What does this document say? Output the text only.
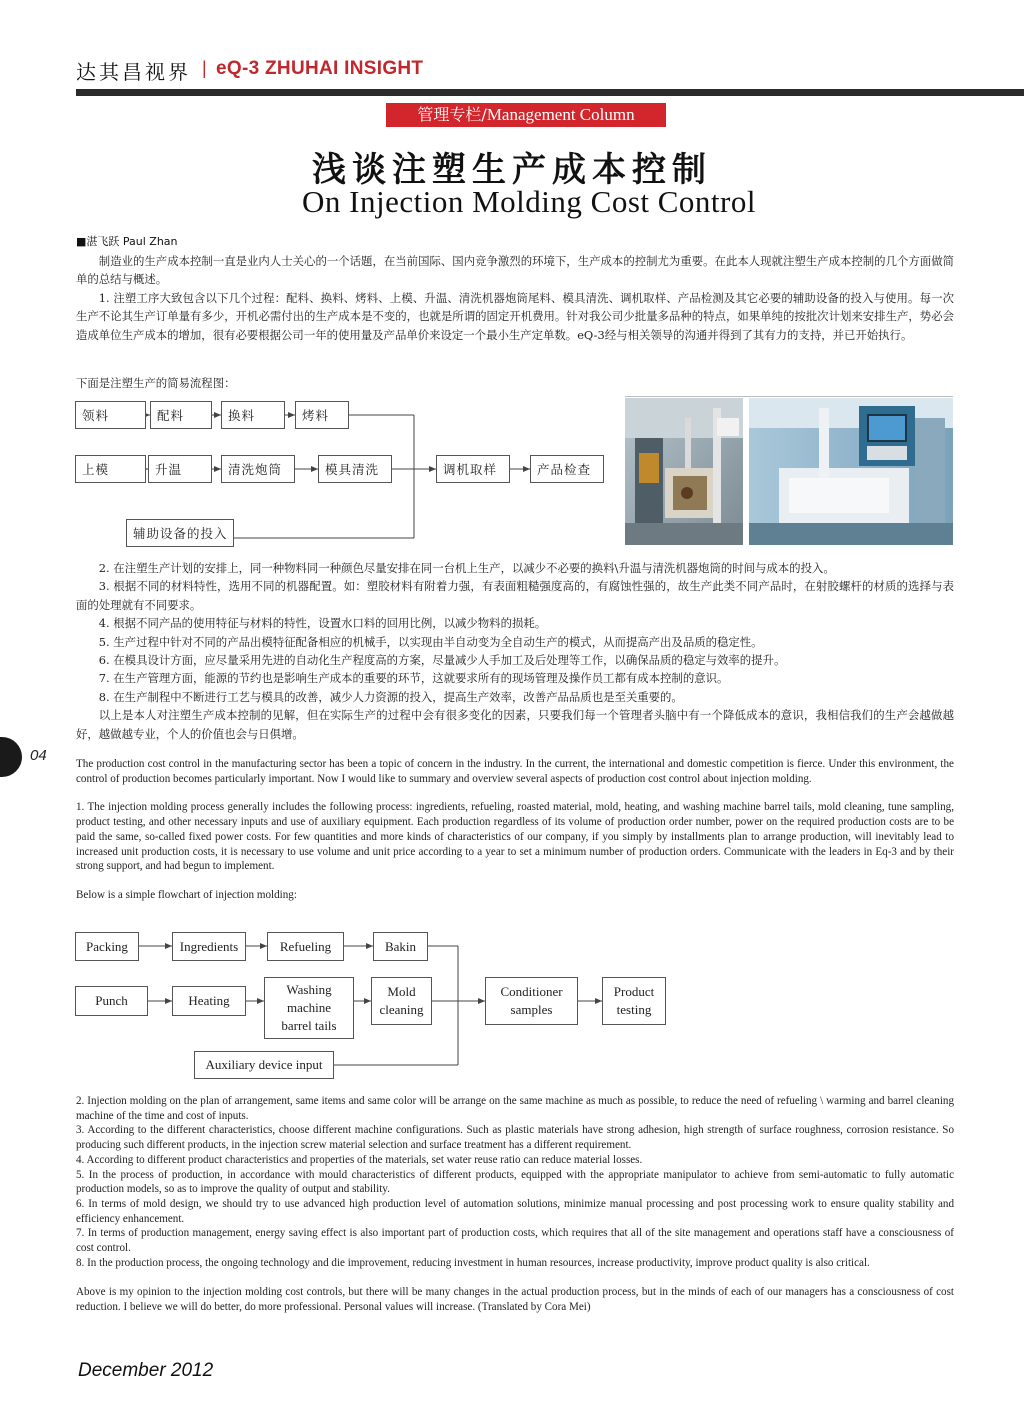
达其昌视界 | eQ-3 ZHUHAI INSIGHT
管理专栏/Management Column
浅谈注塑生产成本控制
On Injection Molding Cost Control
■湛飞跃 Paul Zhan

制造业的生产成本控制一直是业内人士关心的一个话题，在当前国际、国内竞争激烈的环境下，生产成本的控制尤为重要。在此本人现就注塑生产成本控制的几个方面做简单的总结与概述。

1. 注塑工序大致包含以下几个过程：配料、换料、烤料、上模、升温、清洗机器炮筒尾料、模具清洗、调机取样、产品检测及其它必要的辅助设备的投入与使用。每一次生产不论其生产订单量有多少，开机必需付出的生产成本是不变的，也就是所谓的固定开机费用。针对我公司少批量多品种的特点，如果单纯的按批次计划来安排生产，势必会造成单位生产成本的增加，很有必要根据公司一年的使用量及产品单价来设定一个最小生产定单数。eQ-3经与相关领导的沟通并得到了其有力的支持，并已开始执行。

下面是注塑生产的简易流程图：

领料	配料	换料	烤料
上模	升温	清洗炮筒	模具清洗	调机取样	产品检查
辅助设备的投入

2. 在注塑生产计划的安排上，同一种物料同一种颜色尽量安排在同一台机上生产，以减少不必要的换料\升温与清洗机器炮筒的时间与成本的投入。

3. 根据不同的材料特性，选用不同的机器配置。如：塑胶材料有附着力强，有表面粗糙强度高的，有腐蚀性强的，故生产此类不同产品时，在射胶螺杆的材质的选择与表面的处理就有不同要求。

4. 根据不同产品的使用特征与材料的特性，设置水口料的回用比例，以减少物料的损耗。

5. 生产过程中针对不同的产品出模特征配备相应的机械手，以实现由半自动变为全自动生产的模式，从而提高产出及品质的稳定性。

6. 在模具设计方面，应尽量采用先进的自动化生产程度高的方案，尽量减少人手加工及后处理等工作，以确保品质的稳定与效率的提升。

7. 在生产管理方面，能源的节约也是影响生产成本的重要的环节，这就要求所有的现场管理及操作员工都有成本控制的意识。

8. 在生产制程中不断进行工艺与模具的改善，减少人力资源的投入，提高生产效率，改善产品品质也是至关重要的。

以上是本人对注塑生产成本控制的见解，但在实际生产的过程中会有很多变化的因素，只要我们每一个管理者头脑中有一个降低成本的意识，我相信我们的生产会越做越好，越做越专业，个人的价值也会与日俱增。

04	The production cost control in the manufacturing sector has been a topic of concern in the industry. In the current, the international and domestic competition is fierce. Under this environment, the control of production becomes particularly important. Now I would like to summary and overview several aspects of production cost control about injection molding.

1. The injection molding process generally includes the following process: ingredients, refueling, roasted material, mold, heating, and washing machine barrel tails, mold cleaning, tune sampling, product testing, and other necessary inputs and use of auxiliary equipment. Each production regardless of its volume of production order number, power on the required production costs are to be paid the same, so-called fixed power costs. For few quantities and more kinds of characteristics of our company, if you simply by installments plan to arrange production, will inevitably lead to increased unit production costs, it is necessary to use volume and unit price according to a year to set a minimum number of production orders. Communicate with the leaders in Eq-3 and by their strong support, and had begun to implement.

Below is a simple flowchart of injection molding:

Packing	Ingredients	Refueling	Bakin
Punch	Heating
Washing machine barrel tails
Mold cleaning
Conditioner samples
Product testing
Auxiliary device input

2. Injection molding on the plan of arrangement, same items and same color will be arrange on the same machine as much as possible, to reduce the need of refueling \ warming and barrel cleaning machine of the time and cost of inputs.

3. According to the different characteristics, choose different machine configurations. Such as plastic materials have strong adhesion, high strength of surface roughness, corrosion resistance. So producing such different products, in the injection screw material selection and surface treatment has a different requirement.

4. According to different product characteristics and properties of the materials, set water reuse ratio can reduce material losses.

5. In the process of production, in accordance with mould characteristics of different products, equipped with the appropriate manipulator to achieve from semi-automatic to fully automatic production models, so as to improve the quality of output and stability.

6. In terms of mold design, we should try to use advanced high production level of automation solutions, minimize manual processing and post processing work to ensure quality stability and efficiency enhancement.

7. In terms of production management, energy saving effect is also important part of production costs, which requires that all of the site management and operations staff have a consciousness of cost control.

8. In the production process, the ongoing technology and die improvement, reducing investment in human resources, increase productivity, improve product quality is also critical.

Above is my opinion to the injection molding cost controls, but there will be many changes in the actual production process, but in the minds of each of our managers has a consciousness of cost reduction. I believe we will do better, do more professional. Personal values will increase. (Translated by Cora Mei)

December 2012
